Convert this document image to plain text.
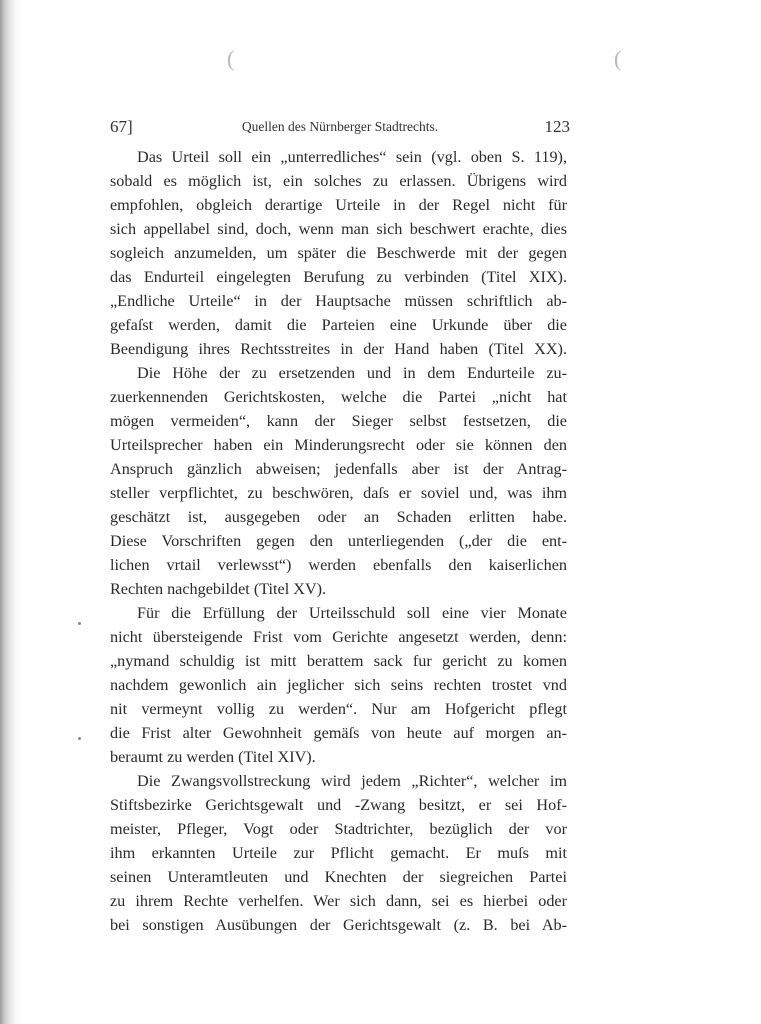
(	(
67]	Quellen des Nürnberger Stadtrechts.	123
Das Urteil soll ein „unterredliches“ sein (vgl. oben S. 119),
sobald es möglich ist, ein solches zu erlassen. Übrigens wird
empfohlen, obgleich derartige Urteile in der Regel nicht für
sich appellabel sind, doch, wenn man sich beschwert erachte, dies
sogleich anzumelden, um später die Beschwerde mit der gegen
das Endurteil eingelegten Berufung zu verbinden (Titel XIX).
„Endliche Urteile“ in der Hauptsache müssen schriftlich ab-
gefaſst werden, damit die Parteien eine Urkunde über die
Beendigung ihres Rechtsstreites in der Hand haben (Titel XX).
Die Höhe der zu ersetzenden und in dem Endurteile zu-
zuerkennenden Gerichtskosten, welche die Partei „nicht hat
mögen vermeiden“, kann der Sieger selbst festsetzen, die
Urteilsprecher haben ein Minderungsrecht oder sie können den
Anspruch gänzlich abweisen; jedenfalls aber ist der Antrag-
steller verpflichtet, zu beschwören, daſs er soviel und, was ihm
geschätzt ist, ausgegeben oder an Schaden erlitten habe.
Diese Vorschriften gegen den unterliegenden („der die ent-
lichen vrtail verlewsst“) werden ebenfalls den kaiserlichen
Rechten nachgebildet (Titel XV).
Für die Erfüllung der Urteilsschuld soll eine vier Monate
nicht übersteigende Frist vom Gerichte angesetzt werden, denn:
„nymand schuldig ist mitt berattem sack fur gericht zu komen
nachdem gewonlich ain jeglicher sich seins rechten trostet vnd
nit vermeynt vollig zu werden“. Nur am Hofgericht pflegt
die Frist alter Gewohnheit gemäſs von heute auf morgen an-
beraumt zu werden (Titel XIV).
Die Zwangsvollstreckung wird jedem „Richter“, welcher im
Stiftsbezirke Gerichtsgewalt und -Zwang besitzt, er sei Hof-
meister, Pfleger, Vogt oder Stadtrichter, bezüglich der vor
ihm erkannten Urteile zur Pflicht gemacht. Er muſs mit
seinen Unteramtleuten und Knechten der siegreichen Partei
zu ihrem Rechte verhelfen. Wer sich dann, sei es hierbei oder
bei sonstigen Ausübungen der Gerichtsgewalt (z. B. bei Ab-
